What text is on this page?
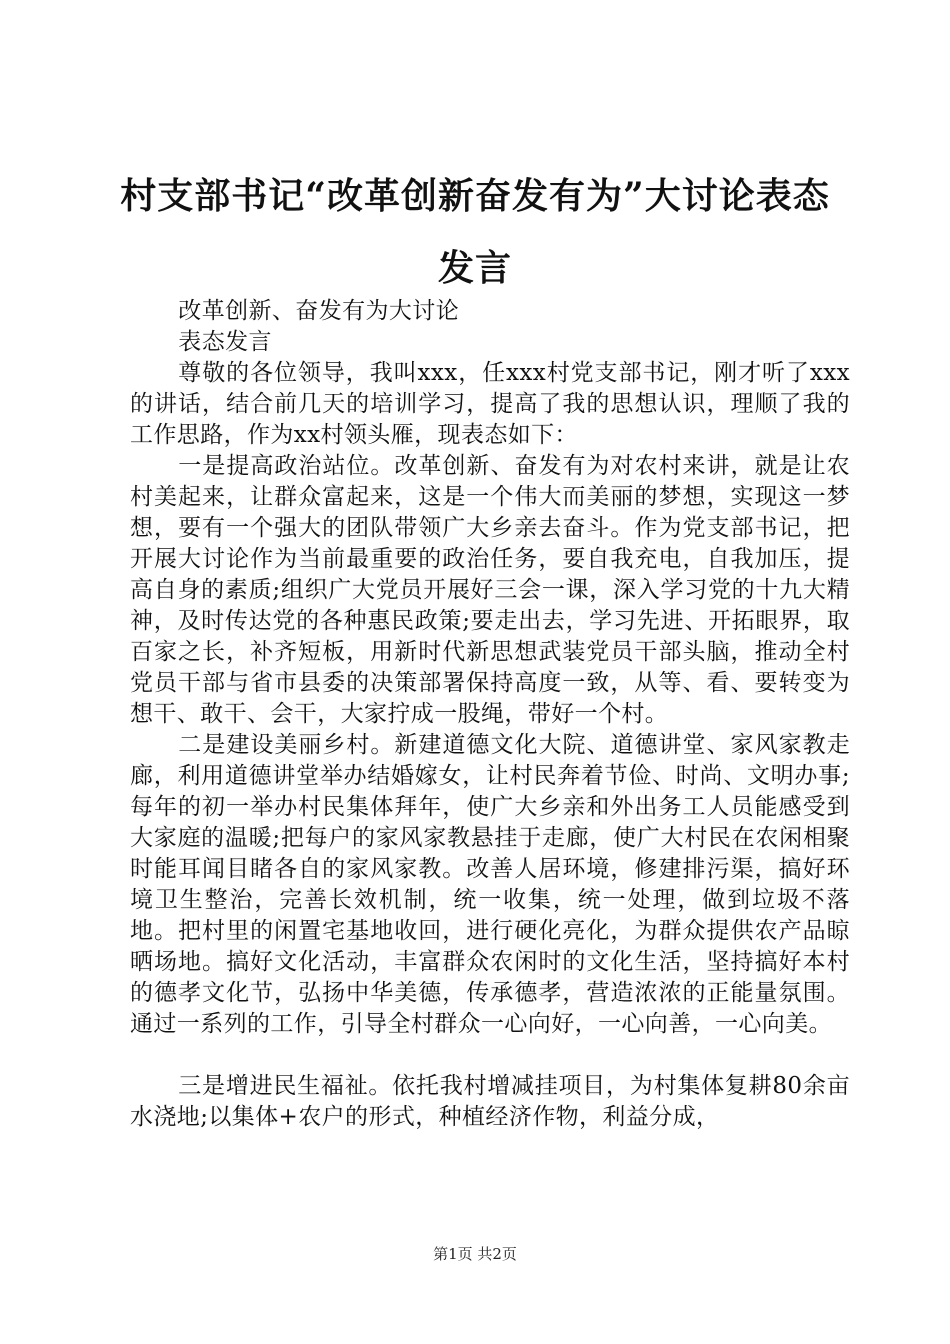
村支部书记“改革创新奋发有为”大讨论表态发言

改革创新、奋发有为大讨论

表态发言

尊敬的各位领导，我叫xxx，任xxx村党支部书记，刚才听了xxx的讲话，结合前几天的培训学习，提高了我的思想认识，理顺了我的工作思路，作为xx村领头雁，现表态如下：

一是提高政治站位。改革创新、奋发有为对农村来讲，就是让农村美起来，让群众富起来，这是一个伟大而美丽的梦想，实现这一梦想，要有一个强大的团队带领广大乡亲去奋斗。作为党支部书记，把开展大讨论作为当前最重要的政治任务，要自我充电，自我加压，提高自身的素质;组织广大党员开展好三会一课，深入学习党的十九大精神，及时传达党的各种惠民政策;要走出去，学习先进、开拓眼界，取百家之长，补齐短板，用新时代新思想武装党员干部头脑，推动全村党员干部与省市县委的决策部署保持高度一致，从等、看、要转变为想干、敢干、会干，大家拧成一股绳，带好一个村。

二是建设美丽乡村。新建道德文化大院、道德讲堂、家风家教走廊，利用道德讲堂举办结婚嫁女，让村民奔着节俭、时尚、文明办事;每年的初一举办村民集体拜年，使广大乡亲和外出务工人员能感受到大家庭的温暖;把每户的家风家教悬挂于走廊，使广大村民在农闲相聚时能耳闻目睹各自的家风家教。改善人居环境，修建排污渠，搞好环境卫生整治，完善长效机制，统一收集，统一处理，做到垃圾不落地。把村里的闲置宅基地收回，进行硬化亮化，为群众提供农产品晾晒场地。搞好文化活动，丰富群众农闲时的文化生活，坚持搞好本村的德孝文化节，弘扬中华美德，传承德孝，营造浓浓的正能量氛围。通过一系列的工作，引导全村群众一心向好，一心向善，一心向美。

三是增进民生福祉。依托我村增减挂项目，为村集体复耕80余亩水浇地;以集体+农户的形式，种植经济作物，利益分成，

第1页 共2页
